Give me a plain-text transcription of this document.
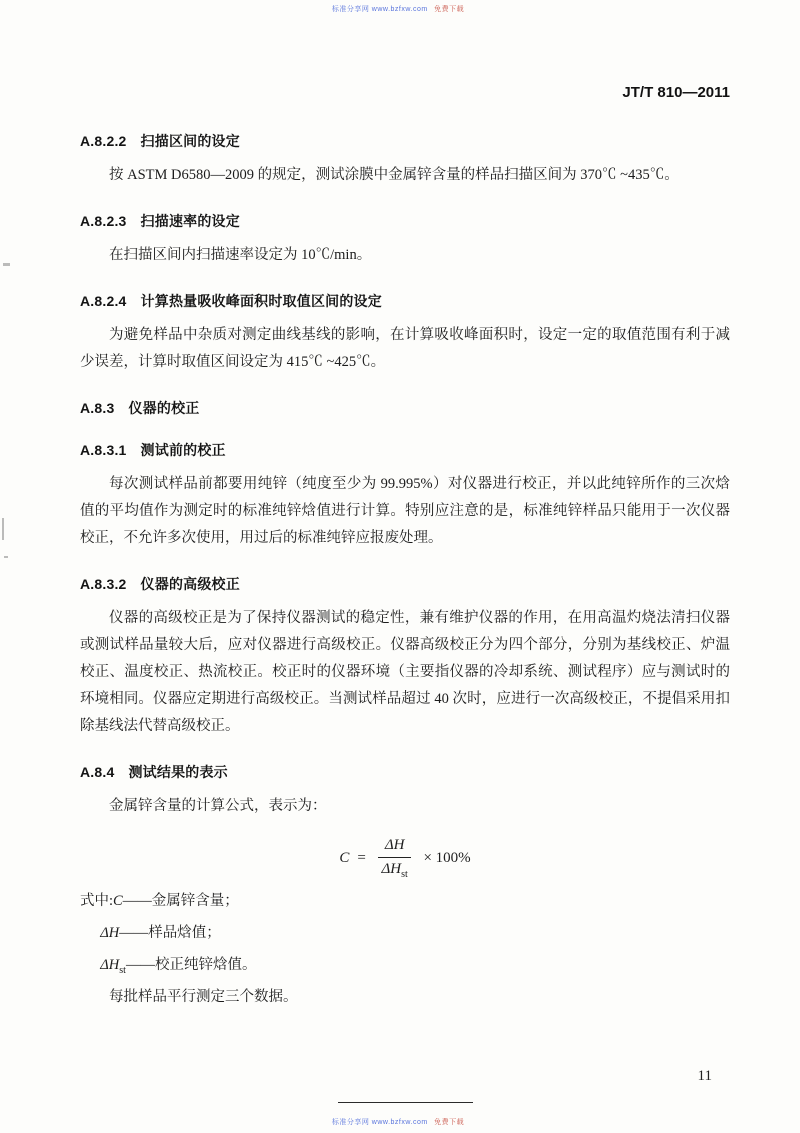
标准分享网 www.bzfxw.com 免费下载
JT/T 810—2011
A.8.2.2 扫描区间的设定

按 ASTM D6580—2009 的规定，测试涂膜中金属锌含量的样品扫描区间为 370℃ ~435℃。

A.8.2.3 扫描速率的设定

在扫描区间内扫描速率设定为 10℃/min。

A.8.2.4 计算热量吸收峰面积时取值区间的设定

为避免样品中杂质对测定曲线基线的影响，在计算吸收峰面积时，设定一定的取值范围有利于减少误差，计算时取值区间设定为 415℃ ~425℃。

A.8.3 仪器的校正
A.8.3.1 测试前的校正

每次测试样品前都要用纯锌（纯度至少为 99.995%）对仪器进行校正，并以此纯锌所作的三次焓值的平均值作为测定时的标准纯锌焓值进行计算。特别应注意的是，标准纯锌样品只能用于一次仪器校正，不允许多次使用，用过后的标准纯锌应报废处理。

A.8.3.2 仪器的高级校正

仪器的高级校正是为了保持仪器测试的稳定性，兼有维护仪器的作用，在用高温灼烧法清扫仪器或测试样品量较大后，应对仪器进行高级校正。仪器高级校正分为四个部分，分别为基线校正、炉温校正、温度校正、热流校正。校正时的仪器环境（主要指仪器的冷却系统、测试程序）应与测试时的环境相同。仪器应定期进行高级校正。当测试样品超过 40 次时，应进行一次高级校正，不提倡采用扣除基线法代替高级校正。

A.8.4 测试结果的表示

金属锌含量的计算公式，表示为：

$C = \frac{\Delta H}{\Delta H_{st}} \times 100\%$
式中:C——金属锌含量；
ΔH——样品焓值；
$\Delta H_{st}——$校正纯锌焓值。
每批样品平行测定三个数据。
11
标准分享网 www.bzfxw.com 免费下载
